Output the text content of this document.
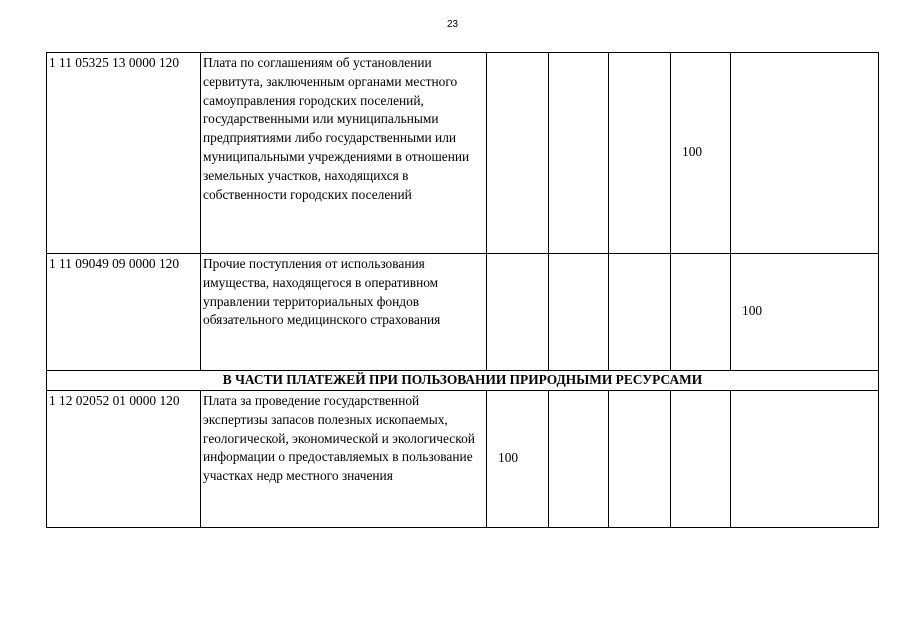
23
1 11 05325 13 0000 120	Плата по соглашениям об установлении сервитута, заключенным органами местного самоуправления городских поселений, государственными или муниципальными предприятиями либо государственными или муниципальными учреждениями в отношении земельных участков, находящихся в собственности городских поселений				100	
1 11 09049 09 0000 120	Прочие поступления от использования имущества, находящегося в оперативном управлении территориальных фондов обязательного медицинского страхования					100
В ЧАСТИ ПЛАТЕЖЕЙ ПРИ ПОЛЬЗОВАНИИ ПРИРОДНЫМИ РЕСУРСАМИ						
1 12 02052 01 0000 120	Плата за проведение государственной экспертизы запасов полезных ископаемых, геологической, экономической и экологической информации о предоставляемых в пользование участках недр местного значения	100				
